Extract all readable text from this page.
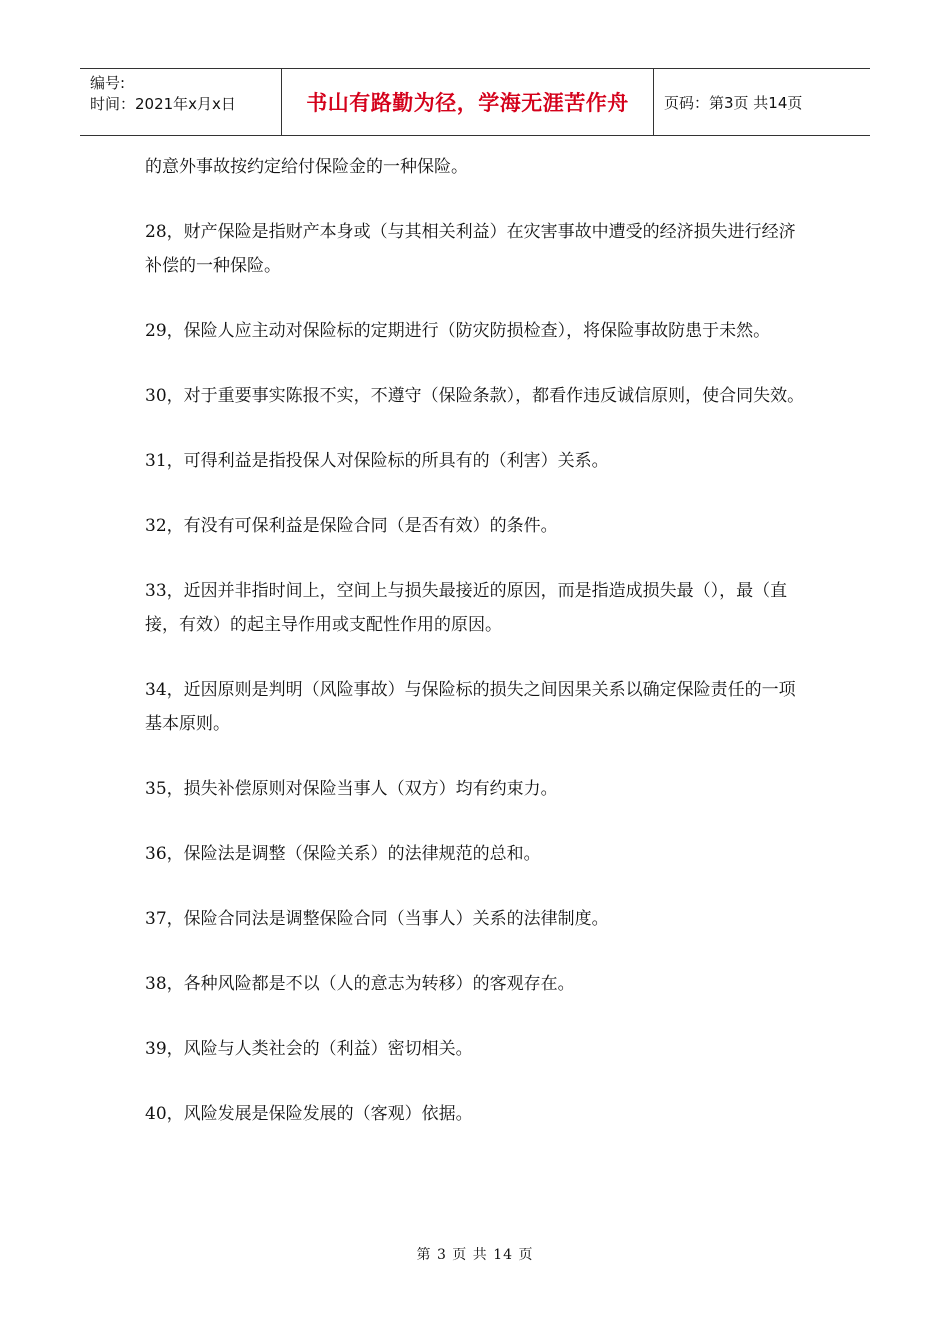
编号:
时间：2021年x月x日	书山有路勤为径，学海无涯苦作舟	页码：第3页 共14页

的意外事故按约定给付保险金的一种保险。

28，财产保险是指财产本身或（与其相关利益）在灾害事故中遭受的经济损失进行经济补偿的一种保险。

29，保险人应主动对保险标的定期进行（防灾防损检查），将保险事故防患于未然。

30，对于重要事实陈报不实，不遵守（保险条款），都看作违反诚信原则，使合同失效。

31，可得利益是指投保人对保险标的所具有的（利害）关系。

32，有没有可保利益是保险合同（是否有效）的条件。

33，近因并非指时间上，空间上与损失最接近的原因，而是指造成损失最（），最（直接，有效）的起主导作用或支配性作用的原因。

34，近因原则是判明（风险事故）与保险标的损失之间因果关系以确定保险责任的一项基本原则。

35，损失补偿原则对保险当事人（双方）均有约束力。

36，保险法是调整（保险关系）的法律规范的总和。

37，保险合同法是调整保险合同（当事人）关系的法律制度。

38，各种风险都是不以（人的意志为转移）的客观存在。

39，风险与人类社会的（利益）密切相关。

40，风险发展是保险发展的（客观）依据。

第 3 页 共 14 页
